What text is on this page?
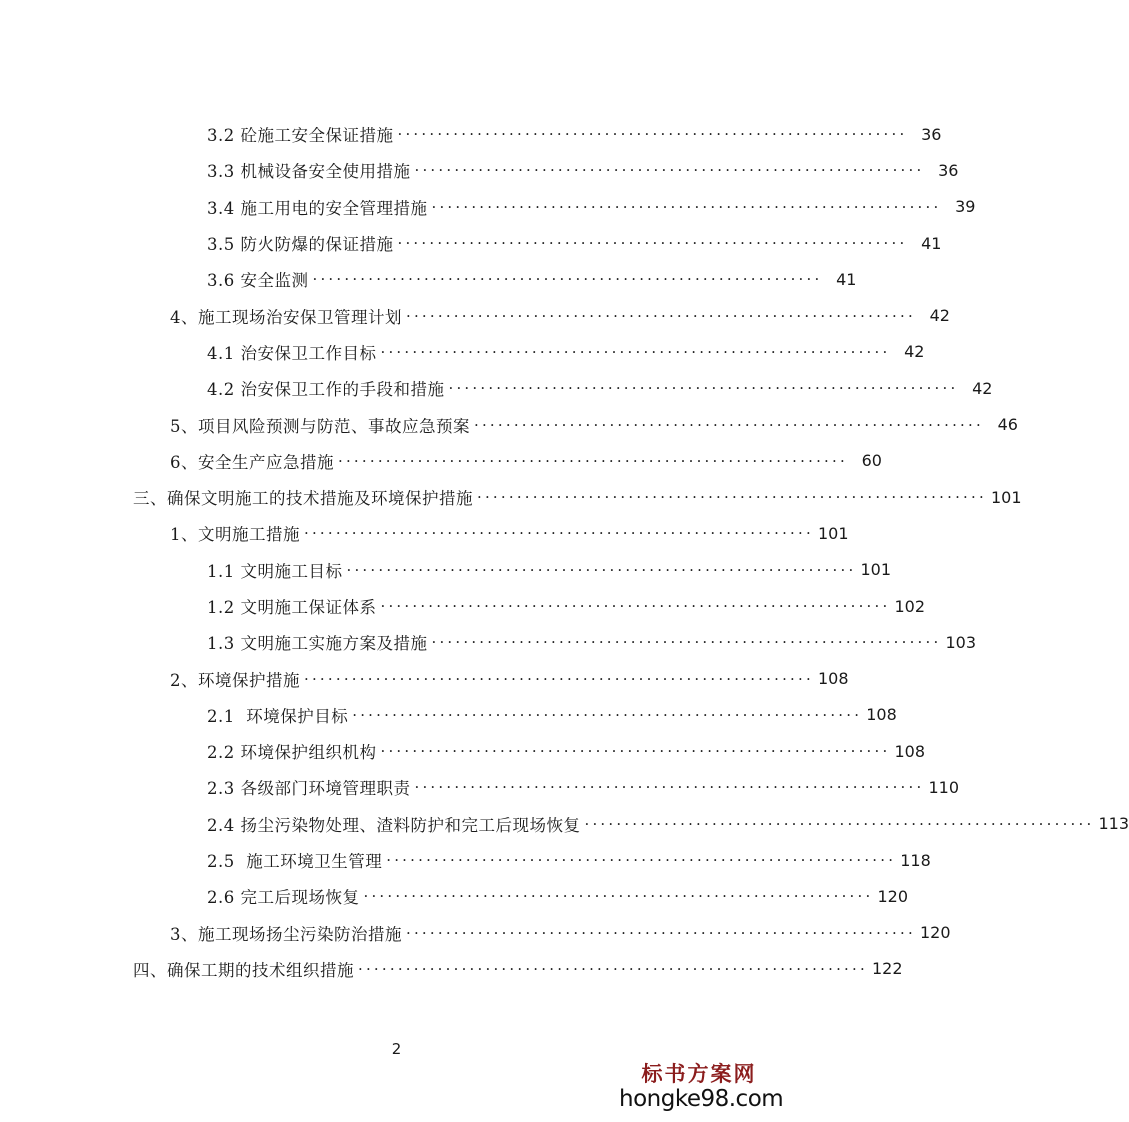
3.2 砼施工安全保证措施 ································································ 36
3.3 机械设备安全使用措施 ································································ 36
3.4 施工用电的安全管理措施 ································································ 39
3.5 防火防爆的保证措施 ································································ 41
3.6 安全监测 ································································ 41
4、施工现场治安保卫管理计划 ································································ 42
4.1 治安保卫工作目标 ································································ 42
4.2 治安保卫工作的手段和措施 ································································ 42
5、项目风险预测与防范、事故应急预案 ································································ 46
6、安全生产应急措施 ································································ 60
三、确保文明施工的技术措施及环境保护措施 ································································ 101
1、文明施工措施 ································································ 101
1.1 文明施工目标 ································································ 101
1.2 文明施工保证体系 ································································ 102
1.3 文明施工实施方案及措施 ································································ 103
2、环境保护措施 ································································ 108
2.1  环境保护目标 ································································ 108
2.2 环境保护组织机构 ································································ 108
2.3 各级部门环境管理职责 ································································ 110
2.4 扬尘污染物处理、渣料防护和完工后现场恢复 ································································ 113
2.5  施工环境卫生管理 ································································ 118
2.6 完工后现场恢复 ································································ 120
3、施工现场扬尘污染防治措施 ································································ 120
四、确保工期的技术组织措施 ································································ 122
2
标书方案网
hongke98.com
